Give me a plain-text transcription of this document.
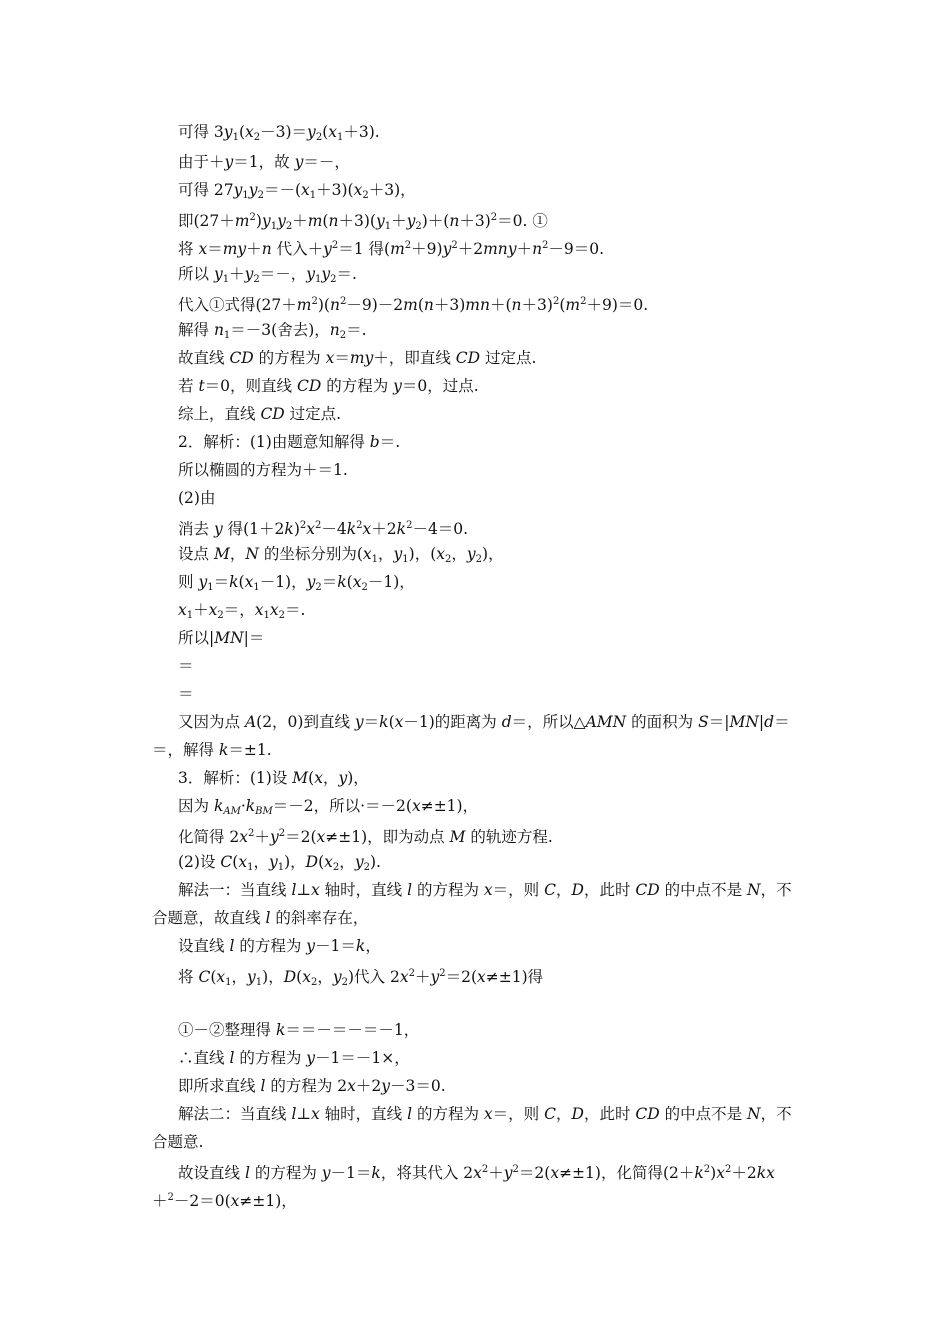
可得 3y1(x2－3)＝y2(x1＋3).
由于＋y＝1，故 y＝－，
可得 27y1y2＝－(x1＋3)(x2＋3)，
即$(27+m^2)y1y2+m(n+3)(y1+y2)+(n+3)^2=0$. ①
将 x＝my＋n 代入$+y^2=1$ 得$(m^2+9)y^2+2mny+n^2-9=0$.
所以 y1＋y2＝－，y1y2＝.
代入①式得$(27+m^2)(n^2-9)-2m(n+3)mn+(n+3)^2(m^2+9)=0$.
解得 n1＝－3(舍去)，n2＝.
故直线 CD 的方程为 x＝my＋，即直线 CD 过定点.
若 t＝0，则直线 CD 的方程为 y＝0，过点.
综上，直线 CD 过定点.
2．解析：(1)由题意知解得 b＝.
所以椭圆的方程为＋＝1.
(2)由
消去 y 得$(1+2k)^2x^2-4k^2x+2k^2-4=0$.
设点 M，N 的坐标分别为(x1，y1)，(x2，y2)，
则 y1＝k(x1－1)，y2＝k(x2－1)，
x1＋x2＝，x1x2＝.
所以|MN|＝
＝
＝
又因为点 A(2，0)到直线 y＝k(x－1)的距离为 d＝，所以△AMN 的面积为 S＝|MN|d＝
＝，解得 k＝±1.
3．解析：(1)设 M(x，y)，
因为 kAM·kBM＝－2，所以·＝－2(x≠±1)，
化简得 $2x^2+y^2=2(x\ne\pm 1)$，即为动点 M 的轨迹方程.
(2)设 C(x1，y1)，D(x2，y2).
解法一：当直线 l⊥x 轴时，直线 l 的方程为 x＝，则 C，D，此时 CD 的中点不是 N，不
合题意，故直线 l 的斜率存在，
设直线 l 的方程为 y－1＝k，
将 C(x1，y1)，D(x2，y2)代入 $2x^2+y^2=2(x\ne\pm 1)$得
①－②整理得 k＝＝－＝－＝－1，
∴直线 l 的方程为 y－1＝－1×，
即所求直线 l 的方程为 2x＋2y－3＝0.
解法二：当直线 l⊥x 轴时，直线 l 的方程为 x＝，则 C，D，此时 CD 的中点不是 N，不
合题意.
故设直线 l 的方程为 y－1＝k，将其代入 $2x^2+y^2=2(x\ne\pm 1)$，化简得$(2+k^2)x^2+2kx$
＋$^2$－2＝0(x≠±1)，
